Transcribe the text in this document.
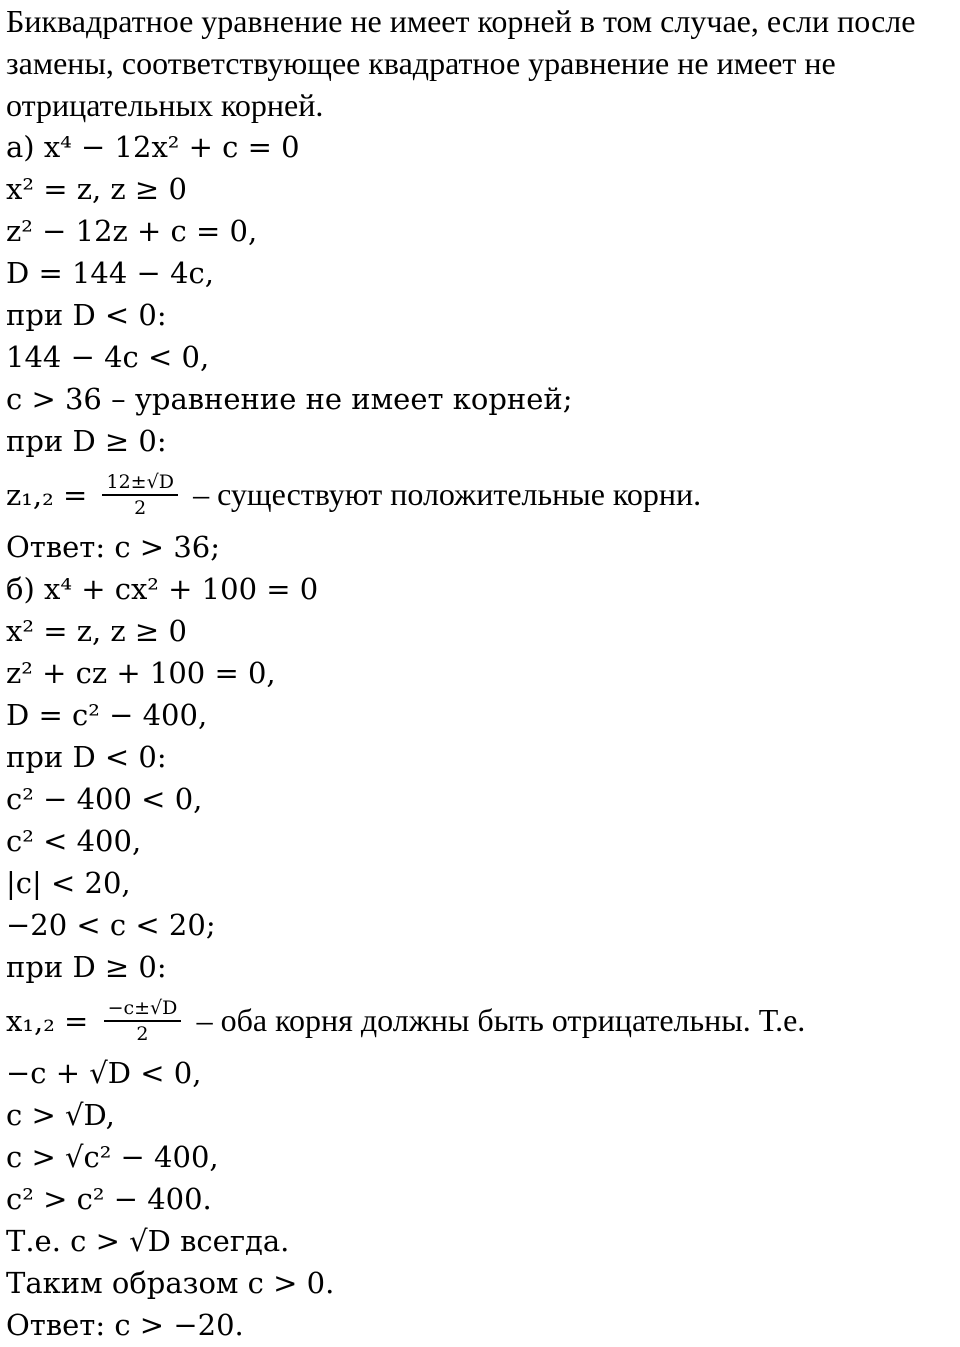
Биквадратное уравнение не имеет корней в том случае, если после
замены, соответствующее квадратное уравнение не имеет не
отрицательных корней.
а) x⁴ − 12x² + c = 0
x² = z, z ≥ 0
z² − 12z + c = 0,
D = 144 − 4c,
при D < 0:
144 − 4c < 0,
c > 36 – уравнение не имеет корней;
при D ≥ 0:
$z_1,_2 = \frac{12\pm√D}{2}$ – существуют положительные корни.
Ответ: c > 36;
б) x⁴ + cx² + 100 = 0
x² = z, z ≥ 0
z² + cz + 100 = 0,
D = c² − 400,
при D < 0:
c² − 400 < 0,
c² < 400,
|c| < 20,
−20 < c < 20;
при D ≥ 0:
$x_1,_2 = \frac{-c\pm√D}{2}$ – оба корня должны быть отрицательны. Т.е.
−c + √D < 0,
c > √D,
c > √c² − 400,
c² > c² − 400.
Т.е. c > √D всегда.
Таким образом c > 0.
Ответ: c > −20.
